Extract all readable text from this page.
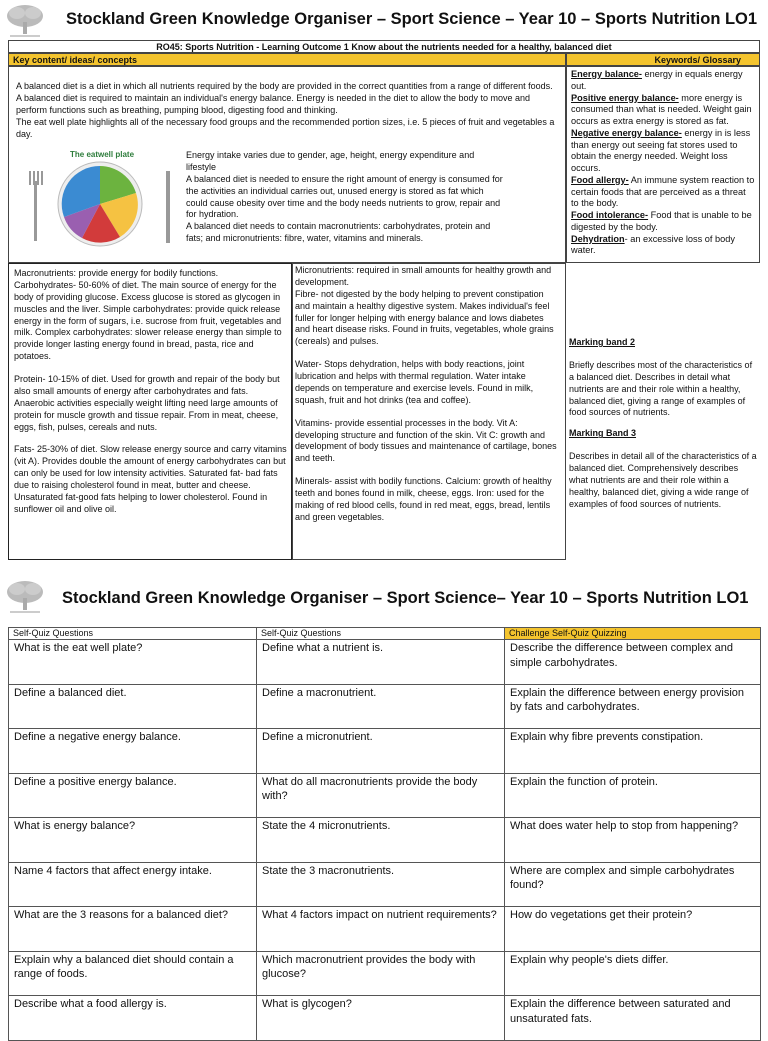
Stockland Green Knowledge Organiser – Sport Science – Year 10 – Sports Nutrition LO1
RO45: Sports Nutrition - Learning Outcome 1 Know about the nutrients needed for a healthy, balanced diet
Key content/ ideas/ concepts	Keywords/ Glossary

A balanced diet is a diet in which all nutrients required by the body are provided in the correct quantities from a range of different foods. A balanced diet is required to maintain an individual's energy balance. Energy is needed in the diet to allow the body to move and perform functions such as breathing, pumping blood, digesting food and thinking.

The eat well plate highlights all of the necessary food groups and the recommended portion sizes, i.e. 5 pieces of fruit and vegetables a day.

The eatwell plate	Energy intake varies due to gender, age, height, energy expenditure and lifestyle

A balanced diet is needed to ensure the right amount of energy is consumed for the activities an individual carries out, unused energy is stored as fat which could cause obesity over time and the body needs nutrients to grow, repair and for hydration.

A balanced diet needs to contain macronutrients: carbohydrates, protein and fats; and micronutrients: fibre, water, vitamins and minerals.

Energy balance- energy in equals energy out.
Positive energy balance- more energy is consumed than what is needed. Weight gain occurs as extra energy is stored as fat.
Negative energy balance- energy in is less than energy out seeing fat stores used to obtain the energy needed. Weight loss occurs.
Food allergy- An immune system reaction to certain foods that are perceived as a threat to the body.
Food intolerance- Food that is unable to be digested by the body.
Dehydration- an excessive loss of body water.

Macronutrients: provide energy for bodily functions.

Carbohydrates- 50-60% of diet. The main source of energy for the body of providing glucose. Excess glucose is stored as glycogen in muscles and the liver. Simple carbohydrates: provide quick release energy in the form of sugars, i.e. sucrose from fruit, vegetables and milk. Complex carbohydrates: slower release energy than simple to provide longer lasting energy found in bread, pasta, rice and potatoes.

Protein- 10-15% of diet. Used for growth and repair of the body but also small amounts of energy after carbohydrates and fats. Anaerobic activities especially weight lifting need large amounts of protein for muscle growth and tissue repair. From in meat, cheese, eggs, fish, pulses, cereals and nuts.

Fats- 25-30% of diet. Slow release energy source and carry vitamins (vit A). Provides double the amount of energy carbohydrates can but can only be used for low intensity activities. Saturated fat- bad fats due to raising cholesterol found in meat, butter and cheese. Unsaturated fat-good fats helping to lower cholesterol. Found in sunflower oil and olive oil.

Micronutrients: required in small amounts for healthy growth and development.

Fibre- not digested by the body helping to prevent constipation and maintain a healthy digestive system. Makes individual's feel fuller for longer helping with energy balance and lows diabetes and heart disease risks. Found in fruits, vegetables, whole grains (cereals) and pulses.

Water- Stops dehydration, helps with body reactions, joint lubrication and helps with thermal regulation. Water intake depends on temperature and exercise levels. Found in milk, squash, fruit and hot drinks (tea and coffee).

Vitamins- provide essential processes in the body. Vit A: developing structure and function of the skin. Vit C: growth and development of body tissues and maintenance of cartilage, bones and teeth.

Minerals- assist with bodily functions. Calcium: growth of healthy teeth and bones found in milk, cheese, eggs. Iron: used for the making of red blood cells, found in red meat, eggs, bread, lentils and green vegetables.

Marking band 2

Briefly describes most of the characteristics of a balanced diet. Describes in detail what nutrients are and their role within a healthy, balanced diet, giving a range of examples of food sources of nutrients.

Marking Band 3

Describes in detail all of the characteristics of a balanced diet. Comprehensively describes what nutrients are and their role within a healthy, balanced diet, giving a wide range of examples of food sources of nutrients.

Stockland Green Knowledge Organiser – Sport Science– Year 10 – Sports Nutrition LO1
Self-Quiz Questions	Self-Quiz Questions	Challenge Self-Quiz Quizzing
What is the eat well plate?	Define what a nutrient is.	Describe the difference between complex and simple carbohydrates.
Define a balanced diet.	Define a macronutrient.	Explain the difference between energy provision by fats and carbohydrates.
Define a negative energy balance.	Define a micronutrient.	Explain why fibre prevents constipation.
Define a positive energy balance.	What do all macronutrients provide the body with?	Explain the function of protein.
What is energy balance?	State the 4 micronutrients.	What does water help to stop from happening?
Name 4 factors that affect energy intake.	State the 3 macronutrients.	Where are complex and simple carbohydrates found?
What are the 3 reasons for a balanced diet?	What 4 factors impact on nutrient requirements?	How do vegetations get their protein?
Explain why a balanced diet should contain a range of foods.	Which macronutrient provides the body with glucose?	Explain why people's diets differ.
Describe what a food allergy is.	What is glycogen?	Explain the difference between saturated and unsaturated fats.
